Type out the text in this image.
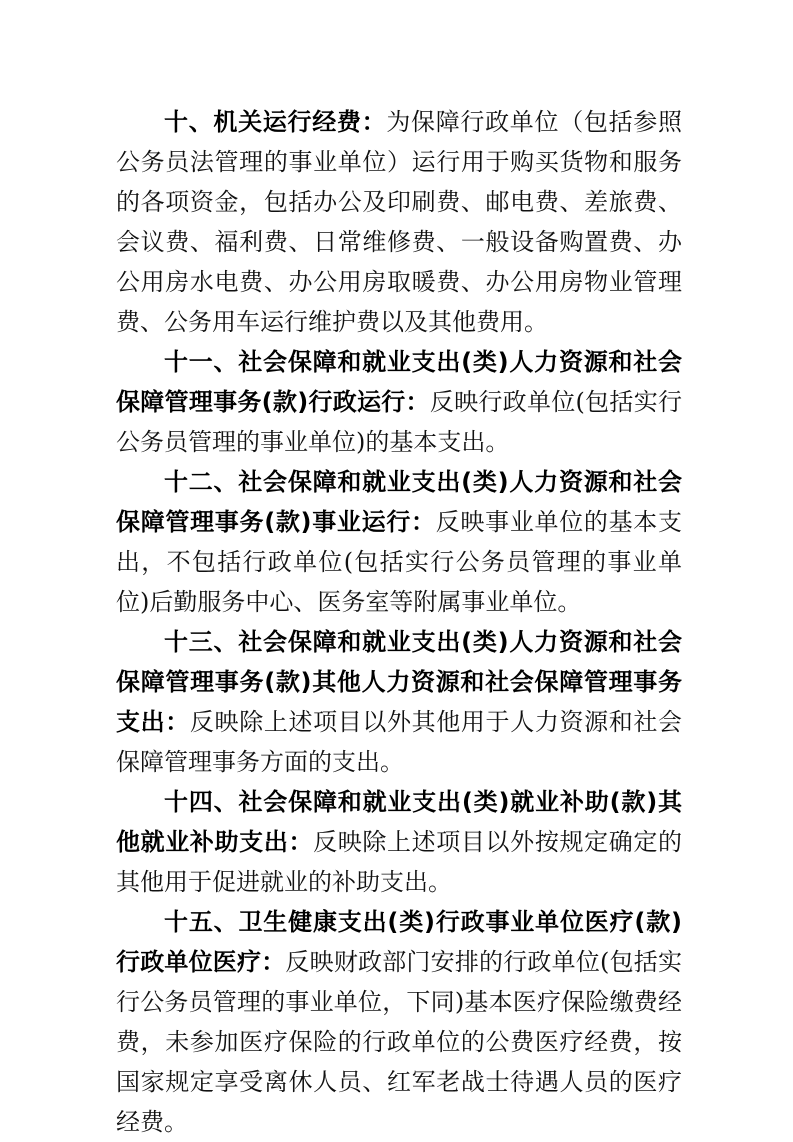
十、机关运行经费：为保障行政单位（包括参照公务员法管理的事业单位）运行用于购买货物和服务的各项资金，包括办公及印刷费、邮电费、差旅费、会议费、福利费、日常维修费、一般设备购置费、办公用房水电费、办公用房取暖费、办公用房物业管理费、公务用车运行维护费以及其他费用。

十一、社会保障和就业支出(类)人力资源和社会保障管理事务(款)行政运行：反映行政单位(包括实行公务员管理的事业单位)的基本支出。

十二、社会保障和就业支出(类)人力资源和社会保障管理事务(款)事业运行：反映事业单位的基本支出，不包括行政单位(包括实行公务员管理的事业单位)后勤服务中心、医务室等附属事业单位。

十三、社会保障和就业支出(类)人力资源和社会保障管理事务(款)其他人力资源和社会保障管理事务支出：反映除上述项目以外其他用于人力资源和社会保障管理事务方面的支出。

十四、社会保障和就业支出(类)就业补助(款)其他就业补助支出：反映除上述项目以外按规定确定的其他用于促进就业的补助支出。

十五、卫生健康支出(类)行政事业单位医疗(款)行政单位医疗：反映财政部门安排的行政单位(包括实行公务员管理的事业单位，下同)基本医疗保险缴费经费，未参加医疗保险的行政单位的公费医疗经费，按国家规定享受离休人员、红军老战士待遇人员的医疗经费。
